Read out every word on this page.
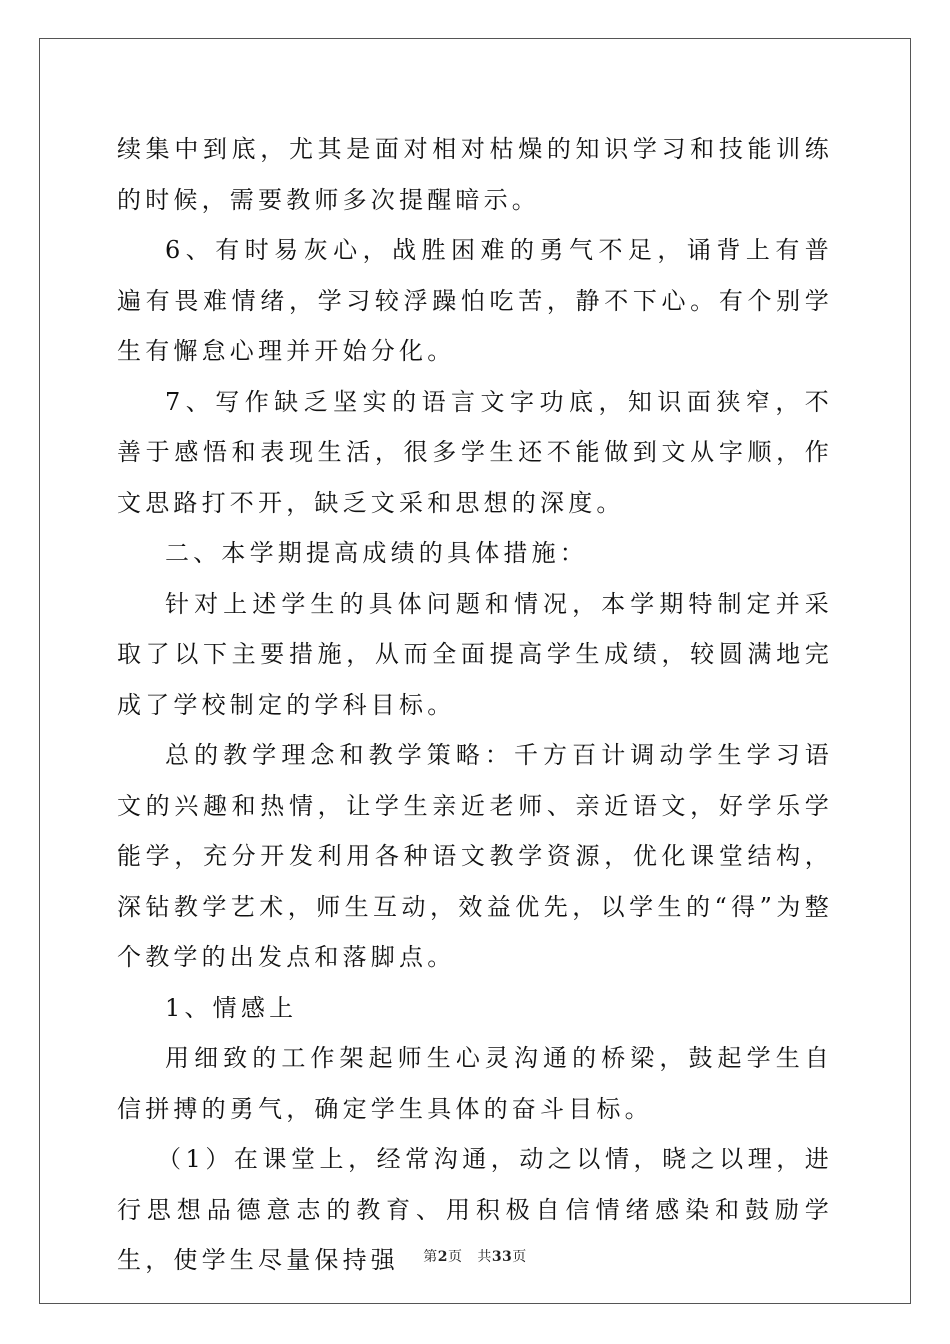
续集中到底，尤其是面对相对枯燥的知识学习和技能训练的时候，需要教师多次提醒暗示。

6、有时易灰心，战胜困难的勇气不足，诵背上有普遍有畏难情绪，学习较浮躁怕吃苦，静不下心。有个别学生有懈怠心理并开始分化。

7、写作缺乏坚实的语言文字功底，知识面狭窄，不善于感悟和表现生活，很多学生还不能做到文从字顺，作文思路打不开，缺乏文采和思想的深度。

二、本学期提高成绩的具体措施：

针对上述学生的具体问题和情况，本学期特制定并采取了以下主要措施，从而全面提高学生成绩，较圆满地完成了学校制定的学科目标。

总的教学理念和教学策略：千方百计调动学生学习语文的兴趣和热情，让学生亲近老师、亲近语文，好学乐学能学，充分开发利用各种语文教学资源，优化课堂结构，深钻教学艺术，师生互动，效益优先，以学生的“得”为整个教学的出发点和落脚点。

1、情感上

用细致的工作架起师生心灵沟通的桥梁，鼓起学生自信拼搏的勇气，确定学生具体的奋斗目标。

（1）在课堂上，经常沟通，动之以情，晓之以理，进行思想品德意志的教育、用积极自信情绪感染和鼓励学生，使学生尽量保持强	第2页 共33页
